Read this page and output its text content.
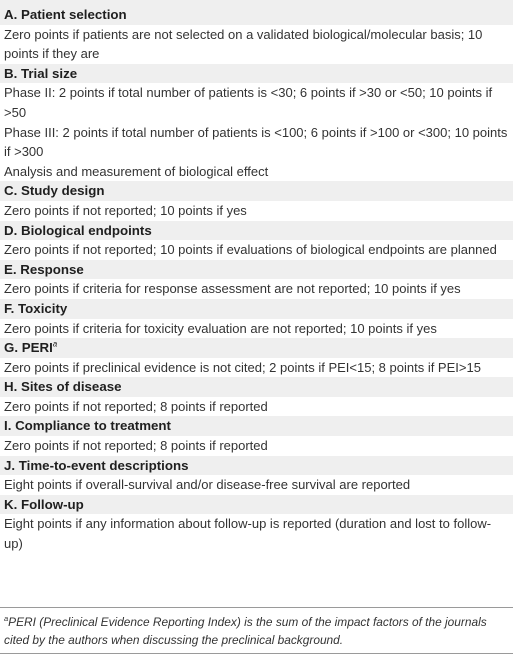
A. Patient selection
Zero points if patients are not selected on a validated biological/molecular basis; 10 points if they are
B. Trial size
Phase II: 2 points if total number of patients is <30; 6 points if >30 or <50; 10 points if >50
Phase III: 2 points if total number of patients is <100; 6 points if >100 or <300; 10 points if >300
Analysis and measurement of biological effect
C. Study design
Zero points if not reported; 10 points if yes
D. Biological endpoints
Zero points if not reported; 10 points if evaluations of biological endpoints are planned
E. Response
Zero points if criteria for response assessment are not reported; 10 points if yes
F. Toxicity
Zero points if criteria for toxicity evaluation are not reported; 10 points if yes
G. PERI$^a$
Zero points if preclinical evidence is not cited; 2 points if PEI<15; 8 points if PEI>15
H. Sites of disease
Zero points if not reported; 8 points if reported
I. Compliance to treatment
Zero points if not reported; 8 points if reported
J. Time-to-event descriptions
Eight points if overall-survival and/or disease-free survival are reported
K. Follow-up
Eight points if any information about follow-up is reported (duration and lost to follow-up)
$^a$PERI (Preclinical Evidence Reporting Index) is the sum of the impact factors of the journals cited by the authors when discussing the preclinical background.
